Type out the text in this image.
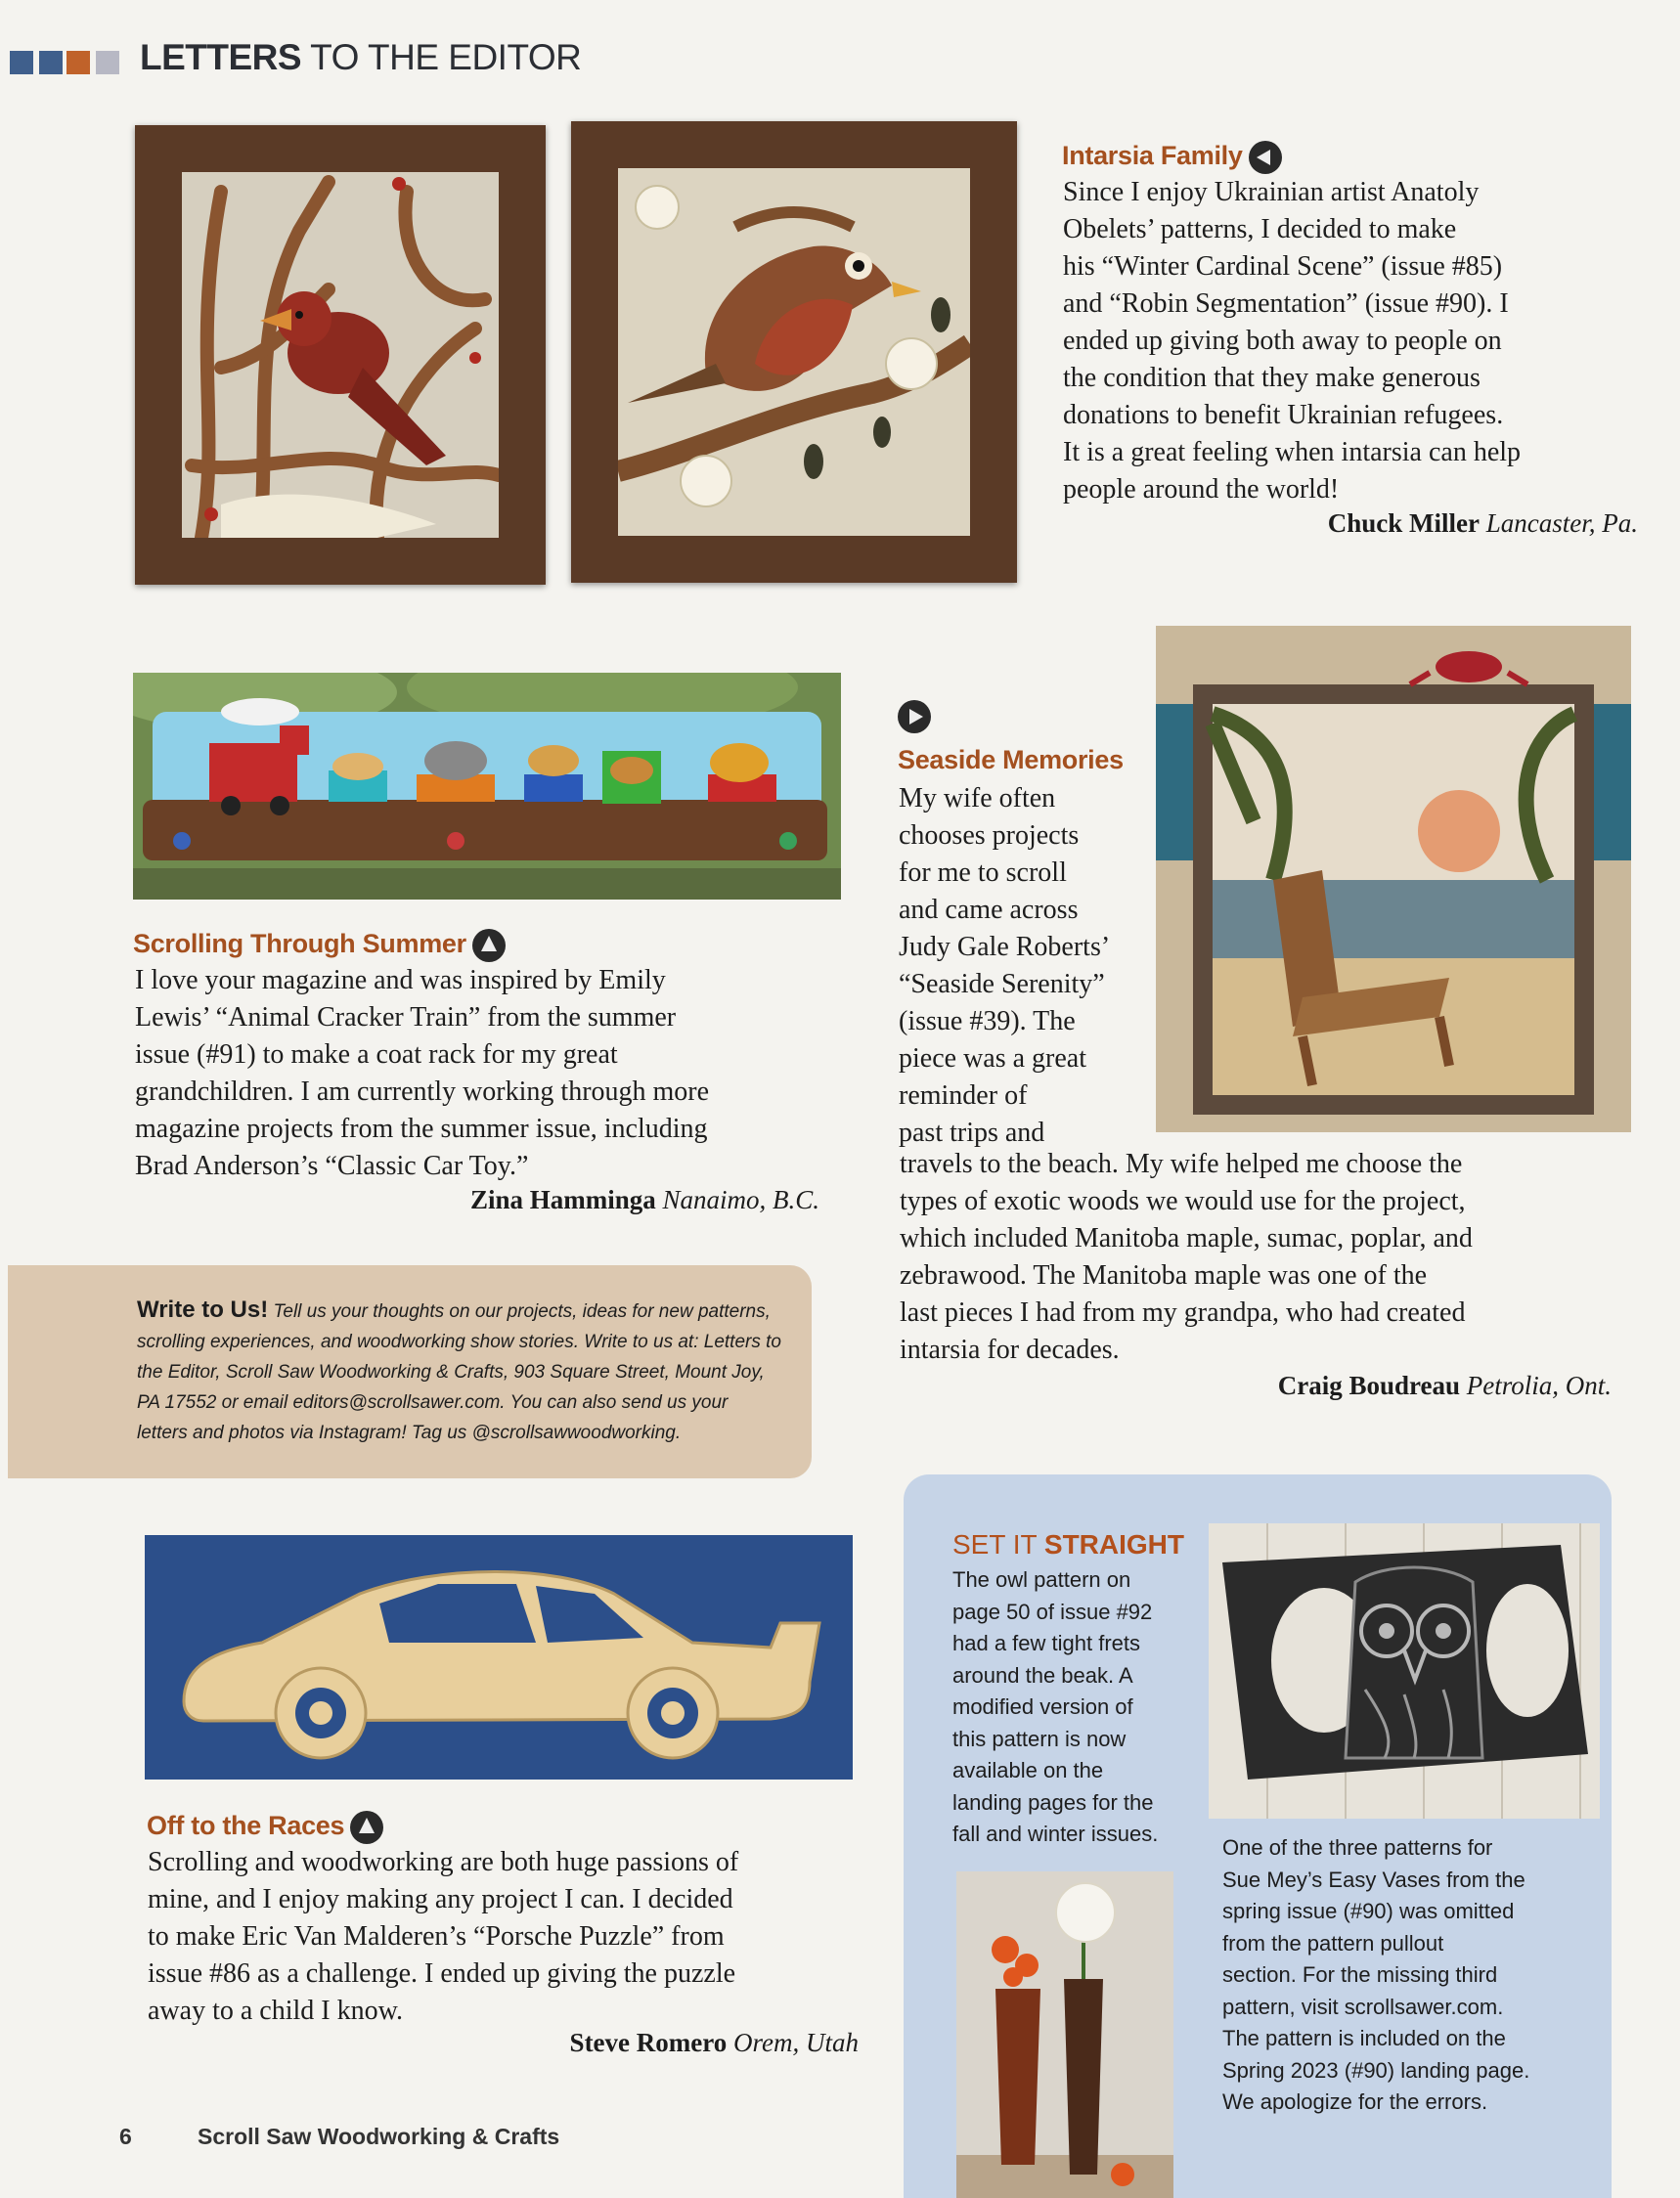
LETTERS TO THE EDITOR
Intarsia Family
Since I enjoy Ukrainian artist Anatoly
Obelets’ patterns, I decided to make
his “Winter Cardinal Scene” (issue #85)
and “Robin Segmentation” (issue #90). I
ended up giving both away to people on
the condition that they make generous
donations to benefit Ukrainian refugees.
It is a great feeling when intarsia can help
people around the world!
Chuck Miller Lancaster, Pa.
Scrolling Through Summer
I love your magazine and was inspired by Emily
Lewis’ “Animal Cracker Train” from the summer
issue (#91) to make a coat rack for my great
grandchildren. I am currently working through more
magazine projects from the summer issue, including
Brad Anderson’s “Classic Car Toy.”
Zina Hamminga Nanaimo, B.C.
Seaside Memories
My wife often
chooses projects
for me to scroll
and came across
Judy Gale Roberts’
“Seaside Serenity”
(issue #39). The
piece was a great
reminder of
past trips and
travels to the beach. My wife helped me choose the
types of exotic woods we would use for the project,
which included Manitoba maple, sumac, poplar, and
zebrawood. The Manitoba maple was one of the
last pieces I had from my grandpa, who had created
intarsia for decades.
Craig Boudreau Petrolia, Ont.

Write to Us! Tell us your thoughts on our projects, ideas for new patterns, scrolling experiences, and woodworking show stories. Write to us at: Letters to the Editor, Scroll Saw Woodworking & Crafts, 903 Square Street, Mount Joy, PA 17552 or email editors@scrollsawer.com. You can also send us your letters and photos via Instagram! Tag us @scrollsawwoodworking.

Off to the Races
Scrolling and woodworking are both huge passions of
mine, and I enjoy making any project I can. I decided
to make Eric Van Malderen’s “Porsche Puzzle” from
issue #86 as a challenge. I ended up giving the puzzle
away to a child I know.
Steve Romero Orem, Utah
SET IT STRAIGHT
The owl pattern on
page 50 of issue #92
had a few tight frets
around the beak. A
modified version of
this pattern is now
available on the
landing pages for the
fall and winter issues.
One of the three patterns for
Sue Mey’s Easy Vases from the
spring issue (#90) was omitted
from the pattern pullout
section. For the missing third
pattern, visit scrollsawer.com.
The pattern is included on the
Spring 2023 (#90) landing page.
We apologize for the errors.
6	Scroll Saw Woodworking & Crafts
